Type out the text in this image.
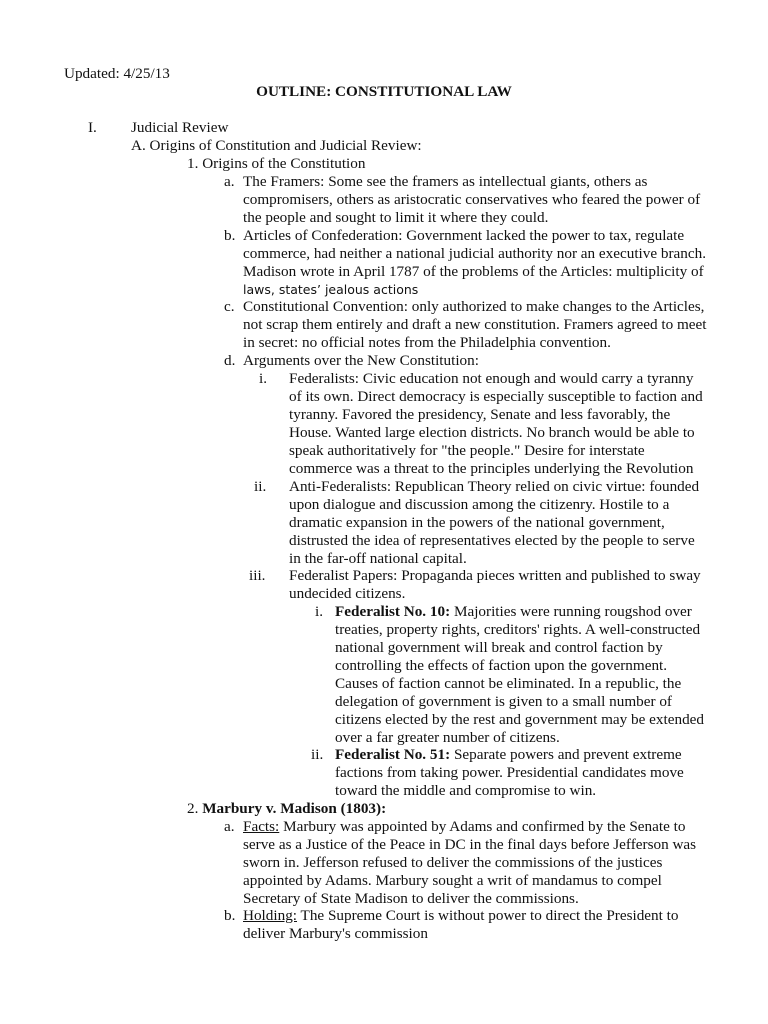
Updated: 4/25/13
OUTLINE: CONSTITUTIONAL LAW
I. Judicial Review
A. Origins of Constitution and Judicial Review:
1. Origins of the Constitution
a. The Framers: Some see the framers as intellectual giants, others as
compromisers, others as aristocratic conservatives who feared the power of
the people and sought to limit it where they could.
b. Articles of Confederation: Government lacked the power to tax, regulate
commerce, had neither a national judicial authority nor an executive branch.
Madison wrote in April 1787 of the problems of the Articles: multiplicity of
laws, states’ jealous actions
c. Constitutional Convention: only authorized to make changes to the Articles,
not scrap them entirely and draft a new constitution. Framers agreed to meet
in secret: no official notes from the Philadelphia convention.
d. Arguments over the New Constitution:
i. Federalists: Civic education not enough and would carry a tyranny
of its own. Direct democracy is especially susceptible to faction and
tyranny. Favored the presidency, Senate and less favorably, the
House. Wanted large election districts. No branch would be able to
speak authoritatively for "the people." Desire for interstate
commerce was a threat to the principles underlying the Revolution
ii. Anti-Federalists: Republican Theory relied on civic virtue: founded
upon dialogue and discussion among the citizenry. Hostile to a
dramatic expansion in the powers of the national government,
distrusted the idea of representatives elected by the people to serve
in the far-off national capital.
iii. Federalist Papers: Propaganda pieces written and published to sway
undecided citizens.
i. Federalist No. 10: Majorities were running rougshod over
treaties, property rights, creditors' rights. A well-constructed
national government will break and control faction by
controlling the effects of faction upon the government.
Causes of faction cannot be eliminated. In a republic, the
delegation of government is given to a small number of
citizens elected by the rest and government may be extended
over a far greater number of citizens.
ii. Federalist No. 51: Separate powers and prevent extreme
factions from taking power. Presidential candidates move
toward the middle and compromise to win.
2. Marbury v. Madison (1803):
a. Facts: Marbury was appointed by Adams and confirmed by the Senate to
serve as a Justice of the Peace in DC in the final days before Jefferson was
sworn in. Jefferson refused to deliver the commissions of the justices
appointed by Adams. Marbury sought a writ of mandamus to compel
Secretary of State Madison to deliver the commissions.
b. Holding: The Supreme Court is without power to direct the President to
deliver Marbury's commission
